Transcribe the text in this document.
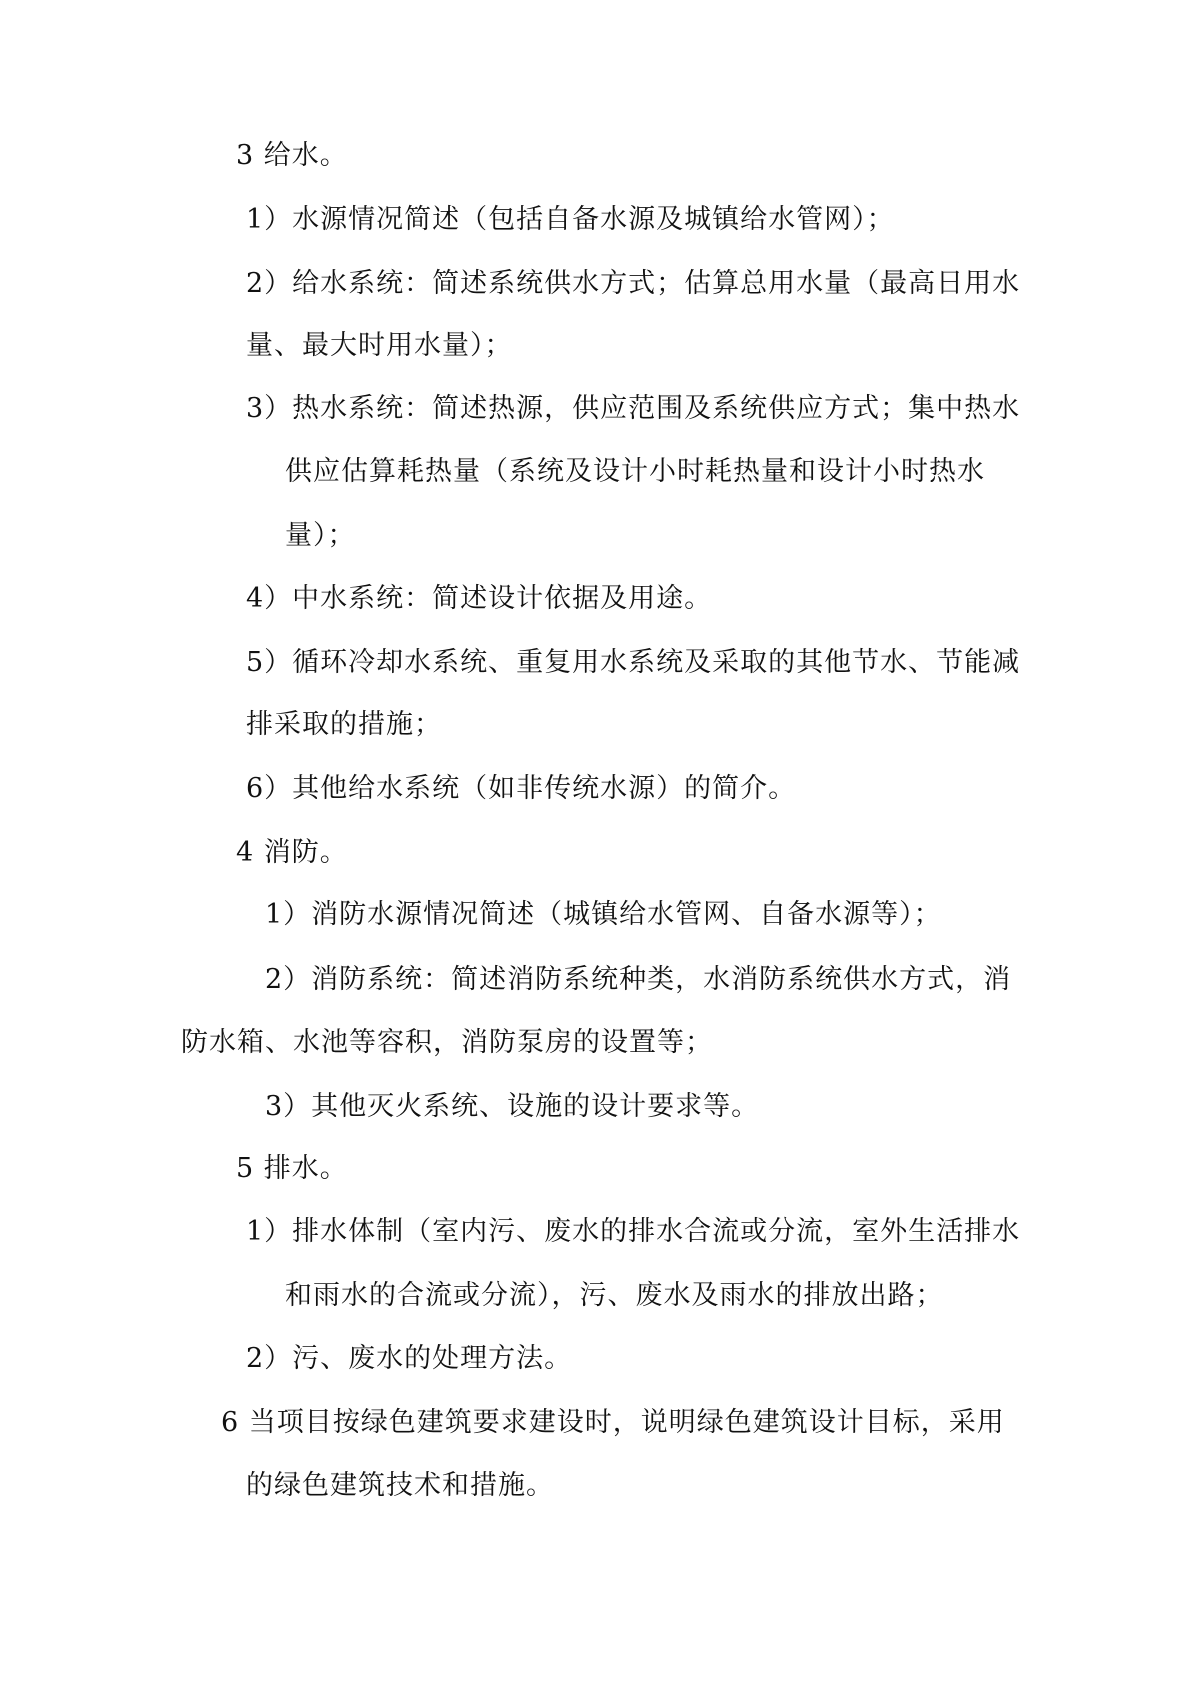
3 给水。
1）水源情况简述（包括自备水源及城镇给水管网）；
2）给水系统：简述系统供水方式；估算总用水量（最高日用水
量、最大时用水量）；
3）热水系统：简述热源，供应范围及系统供应方式；集中热水
供应估算耗热量（系统及设计小时耗热量和设计小时热水
量）；
4）中水系统：简述设计依据及用途。
5）循环冷却水系统、重复用水系统及采取的其他节水、节能减
排采取的措施；
6）其他给水系统（如非传统水源）的简介。
4 消防。
1）消防水源情况简述（城镇给水管网、自备水源等）；
2）消防系统：简述消防系统种类，水消防系统供水方式，消
防水箱、水池等容积，消防泵房的设置等；
3）其他灭火系统、设施的设计要求等。
5 排水。
1）排水体制（室内污、废水的排水合流或分流，室外生活排水
和雨水的合流或分流），污、废水及雨水的排放出路；
2）污、废水的处理方法。
6 当项目按绿色建筑要求建设时，说明绿色建筑设计目标，采用
的绿色建筑技术和措施。
